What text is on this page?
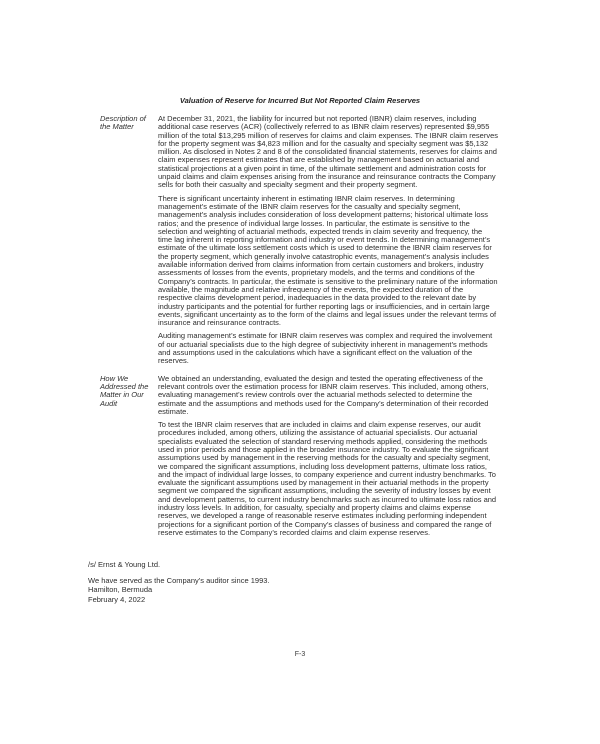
Valuation of Reserve for Incurred But Not Reported Claim Reserves
Description of the Matter

At December 31, 2021, the liability for incurred but not reported (IBNR) claim reserves, including additional case reserves (ACR) (collectively referred to as IBNR claim reserves) represented $9,955 million of the total $13,295 million of reserves for claims and claim expenses. The IBNR claim reserves for the property segment was $4,823 million and for the casualty and specialty segment was $5,132 million. As disclosed in Notes 2 and 8 of the consolidated financial statements, reserves for claims and claim expenses represent estimates that are established by management based on actuarial and statistical projections at a given point in time, of the ultimate settlement and administration costs for unpaid claims and claim expenses arising from the insurance and reinsurance contracts the Company sells for both their casualty and specialty segment and their property segment.

There is significant uncertainty inherent in estimating IBNR claim reserves. In determining management’s estimate of the IBNR claim reserves for the casualty and specialty segment, management’s analysis includes consideration of loss development patterns; historical ultimate loss ratios; and the presence of individual large losses. In particular, the estimate is sensitive to the selection and weighting of actuarial methods, expected trends in claim severity and frequency, the time lag inherent in reporting information and industry or event trends. In determining management’s estimate of the ultimate loss settlement costs which is used to determine the IBNR claim reserves for the property segment, which generally involve catastrophic events, management’s analysis includes available information derived from claims information from certain customers and brokers, industry assessments of losses from the events, proprietary models, and the terms and conditions of the Company’s contracts. In particular, the estimate is sensitive to the preliminary nature of the information available, the magnitude and relative infrequency of the events, the expected duration of the respective claims development period, inadequacies in the data provided to the relevant date by industry participants and the potential for further reporting lags or insufficiencies, and in certain large events, significant uncertainty as to the form of the claims and legal issues under the relevant terms of insurance and reinsurance contracts.

Auditing management’s estimate for IBNR claim reserves was complex and required the involvement of our actuarial specialists due to the high degree of subjectivity inherent in management’s methods and assumptions used in the calculations which have a significant effect on the valuation of the reserves.

How We Addressed the Matter in Our Audit

We obtained an understanding, evaluated the design and tested the operating effectiveness of the relevant controls over the estimation process for IBNR claim reserves. This included, among others, evaluating management’s review controls over the actuarial methods selected to determine the estimate and the assumptions and methods used for the Company’s determination of their recorded estimate.

To test the IBNR claim reserves that are included in claims and claim expense reserves, our audit procedures included, among others, utilizing the assistance of actuarial specialists. Our actuarial specialists evaluated the selection of standard reserving methods applied, considering the methods used in prior periods and those applied in the broader insurance industry. To evaluate the significant assumptions used by management in the reserving methods for the casualty and specialty segment, we compared the significant assumptions, including loss development patterns, ultimate loss ratios, and the impact of individual large losses, to company experience and current industry benchmarks. To evaluate the significant assumptions used by management in their actuarial methods in the property segment we compared the significant assumptions, including the severity of industry losses by event and development patterns, to current industry benchmarks such as incurred to ultimate loss ratios and industry loss levels. In addition, for casualty, specialty and property claims and claims expense reserves, we developed a range of reasonable reserve estimates including performing independent projections for a significant portion of the Company’s classes of business and compared the range of reserve estimates to the Company’s recorded claims and claim expense reserves.

/s/ Ernst & Young Ltd.
We have served as the Company’s auditor since 1993.
Hamilton, Bermuda
February 4, 2022
F-3
